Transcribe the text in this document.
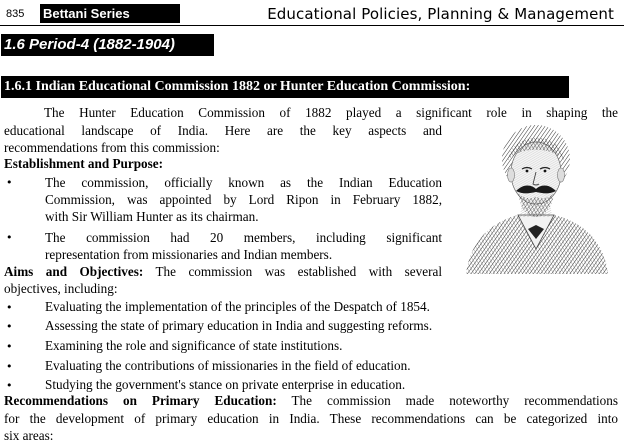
835 Bettani Series	Educational Policies, Planning & Management
1.6 Period-4 (1882-1904)
1.6.1 Indian Educational Commission 1882 or Hunter Education Commission:
The Hunter Education Commission of 1882 played a significant role in shaping the
educational landscape of India. Here are the key aspects and
recommendations from this commission:
Establishment and Purpose:
• The commission, officially known as the Indian Education
Commission, was appointed by Lord Ripon in February 1882,
with Sir William Hunter as its chairman.
• The commission had 20 members, including significant
representation from missionaries and Indian members.
Aims and Objectives: The commission was established with several
objectives, including:
• Evaluating the implementation of the principles of the Despatch of 1854.
• Assessing the state of primary education in India and suggesting reforms.
• Examining the role and significance of state institutions.
• Evaluating the contributions of missionaries in the field of education.
• Studying the government's stance on private enterprise in education.
Recommendations on Primary Education: The commission made noteworthy recommendations
for the development of primary education in India. These recommendations can be categorized into
six areas:
